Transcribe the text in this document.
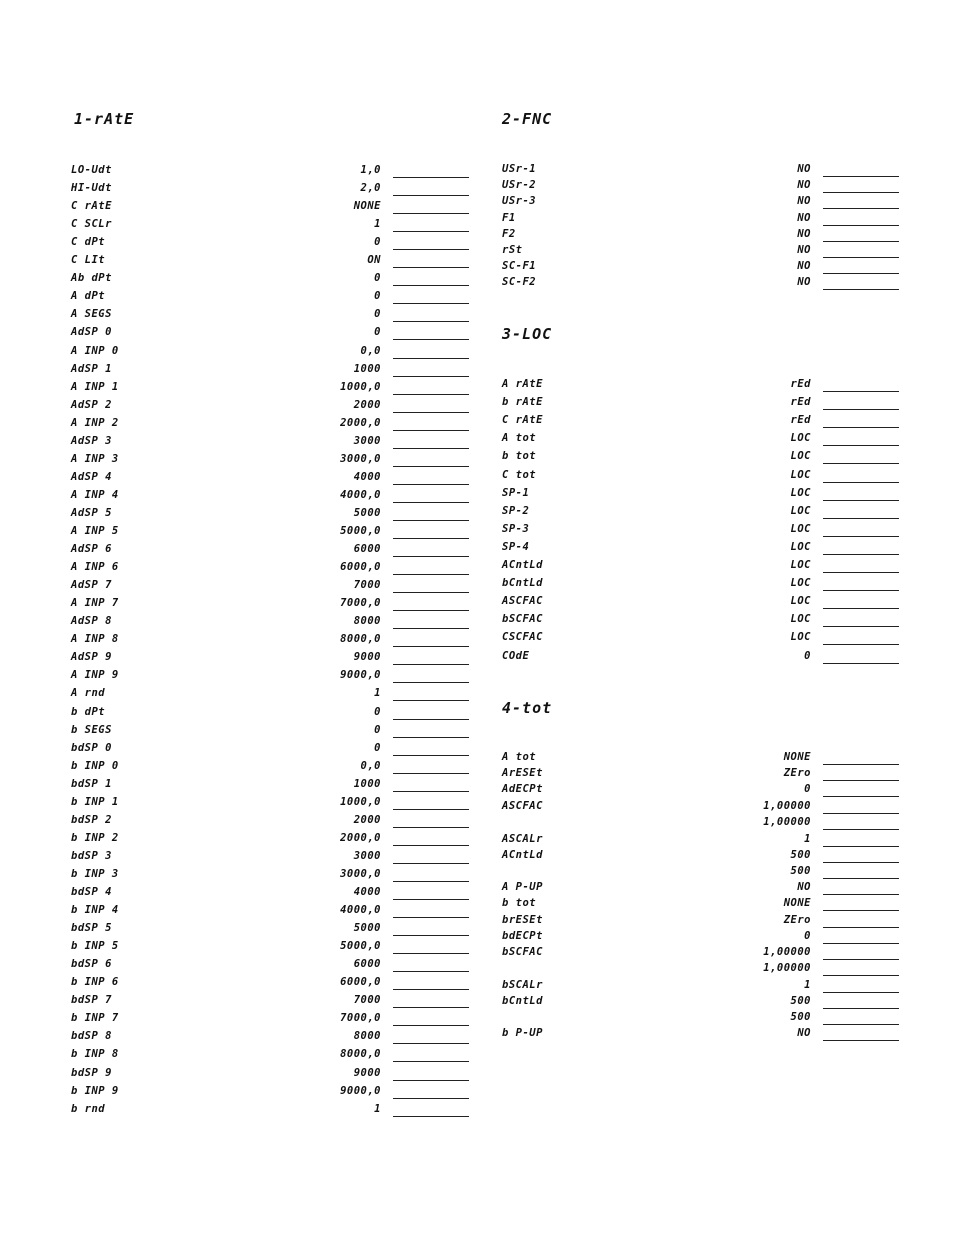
1-rAtE	2-FNC
3-LOC
4-tot
LO-Udt	1,0
HI-Udt	2,0
C rAtE	NONE
C SCLr	1
C dPt	0
C LIt	ON
Ab dPt	0
A dPt	0
A SEGS	0
AdSP 0	0
A INP 0	0,0
AdSP 1	1000
A INP 1	1000,0
AdSP 2	2000
A INP 2	2000,0
AdSP 3	3000
A INP 3	3000,0
AdSP 4	4000
A INP 4	4000,0
AdSP 5	5000
A INP 5	5000,0
AdSP 6	6000
A INP 6	6000,0
AdSP 7	7000
A INP 7	7000,0
AdSP 8	8000
A INP 8	8000,0
AdSP 9	9000
A INP 9	9000,0
A rnd	1
b dPt	0
b SEGS	0
bdSP 0	0
b INP 0	0,0
bdSP 1	1000
b INP 1	1000,0
bdSP 2	2000
b INP 2	2000,0
bdSP 3	3000
b INP 3	3000,0
bdSP 4	4000
b INP 4	4000,0
bdSP 5	5000
b INP 5	5000,0
bdSP 6	6000
b INP 6	6000,0
bdSP 7	7000
b INP 7	7000,0
bdSP 8	8000
b INP 8	8000,0
bdSP 9	9000
b INP 9	9000,0
b rnd	1
USr-1	NO
USr-2	NO
USr-3	NO
F1	NO
F2	NO
rSt	NO
SC-F1	NO
SC-F2	NO
A rAtE	rEd
b rAtE	rEd
C rAtE	rEd
A tot	LOC
b tot	LOC
C tot	LOC
SP-1	LOC
SP-2	LOC
SP-3	LOC
SP-4	LOC
ACntLd	LOC
bCntLd	LOC
ASCFAC	LOC
bSCFAC	LOC
CSCFAC	LOC
COdE	0
A tot	NONE
ArESEt	ZEro
AdECPt	0
ASCFAC	1,00000
1,00000
ASCALr	1
ACntLd	500
500
A P-UP	NO
b tot	NONE
brESEt	ZEro
bdECPt	0
bSCFAC	1,00000
1,00000
bSCALr	1
bCntLd	500
500
b P-UP	NO
